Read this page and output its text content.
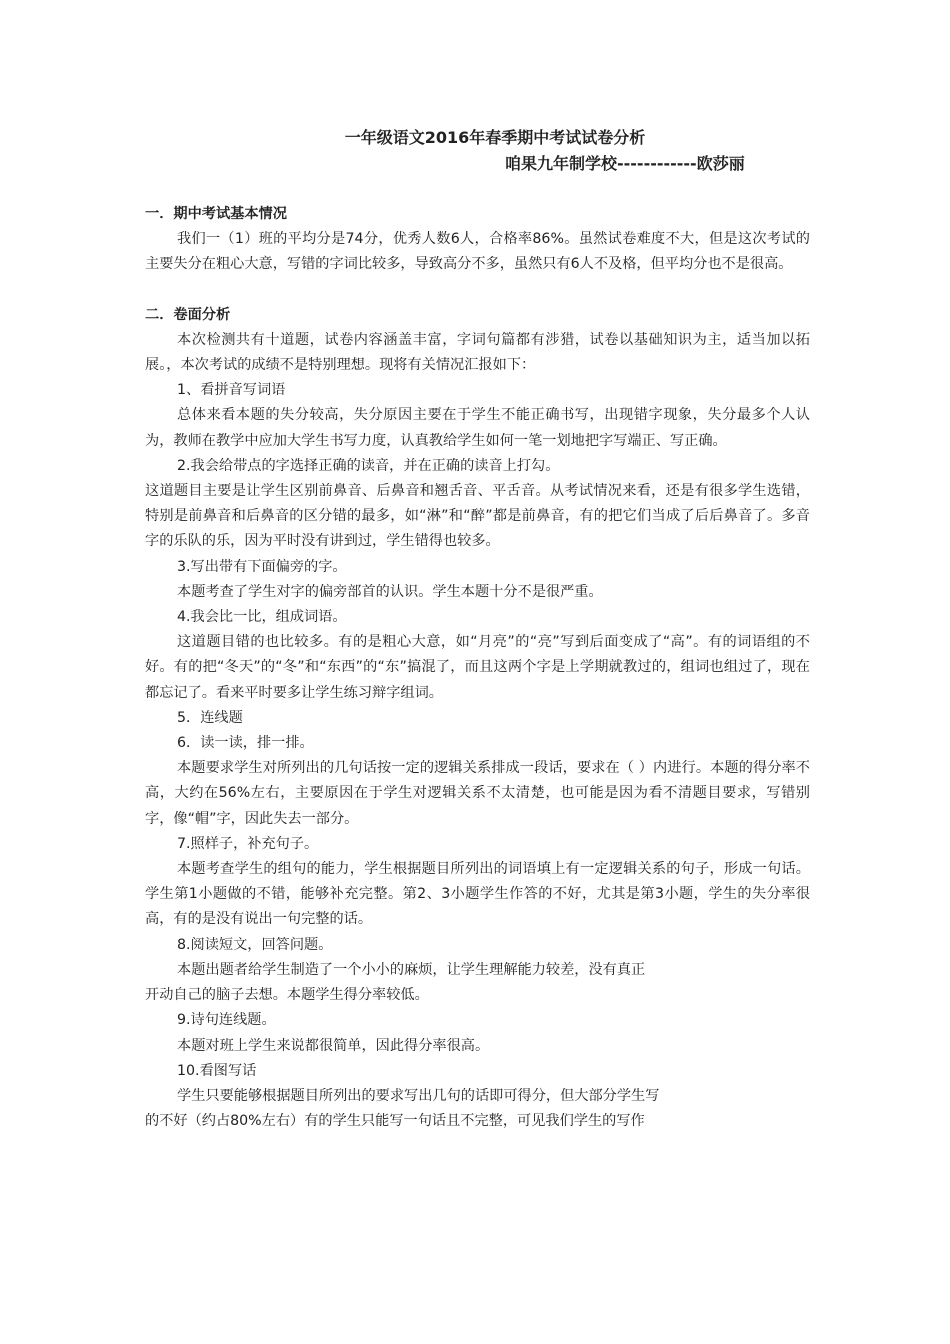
一年级语文2016年春季期中考试试卷分析
咱果九年制学校------------欧莎丽

一．期中考试基本情况

我们一（1）班的平均分是74分，优秀人数6人，合格率86%。虽然试卷难度不大，但是这次考试的主要失分在粗心大意，写错的字词比较多，导致高分不多，虽然只有6人不及格，但平均分也不是很高。

二．卷面分析

本次检测共有十道题，试卷内容涵盖丰富，字词句篇都有涉猎，试卷以基础知识为主，适当加以拓展。，本次考试的成绩不是特别理想。现将有关情况汇报如下：

1、看拼音写词语

总体来看本题的失分较高，失分原因主要在于学生不能正确书写，出现错字现象，失分最多个人认为，教师在教学中应加大学生书写力度，认真教给学生如何一笔一划地把字写端正、写正确。

2.我会给带点的字选择正确的读音，并在正确的读音上打勾。

这道题目主要是让学生区别前鼻音、后鼻音和翘舌音、平舌音。从考试情况来看，还是有很多学生选错，特别是前鼻音和后鼻音的区分错的最多，如“淋”和“醉”都是前鼻音，有的把它们当成了后后鼻音了。多音字的乐队的乐，因为平时没有讲到过，学生错得也较多。

3.写出带有下面偏旁的字。

本题考查了学生对字的偏旁部首的认识。学生本题十分不是很严重。

4.我会比一比，组成词语。

这道题目错的也比较多。有的是粗心大意，如“月亮”的“亮”写到后面变成了“高”。有的词语组的不好。有的把“冬天”的“冬”和“东西”的“东”搞混了，而且这两个字是上学期就教过的，组词也组过了，现在都忘记了。看来平时要多让学生练习辩字组词。

5．连线题

6．读一读，排一排。

本题要求学生对所列出的几句话按一定的逻辑关系排成一段话，要求在（ ）内进行。本题的得分率不高，大约在56%左右，主要原因在于学生对逻辑关系不太清楚，也可能是因为看不清题目要求，写错别字，像“帽”字，因此失去一部分。

7.照样子，补充句子。

本题考查学生的组句的能力，学生根据题目所列出的词语填上有一定逻辑关系的句子，形成一句话。学生第1小题做的不错，能够补充完整。第2、3小题学生作答的不好，尤其是第3小题，学生的失分率很高，有的是没有说出一句完整的话。

8.阅读短文，回答问题。

本题出题者给学生制造了一个小小的麻烦，让学生理解能力较差，没有真正

开动自己的脑子去想。本题学生得分率较低。

9.诗句连线题。

本题对班上学生来说都很简单，因此得分率很高。

10.看图写话

学生只要能够根据题目所列出的要求写出几句的话即可得分，但大部分学生写

的不好（约占80%左右）有的学生只能写一句话且不完整，可见我们学生的写作
